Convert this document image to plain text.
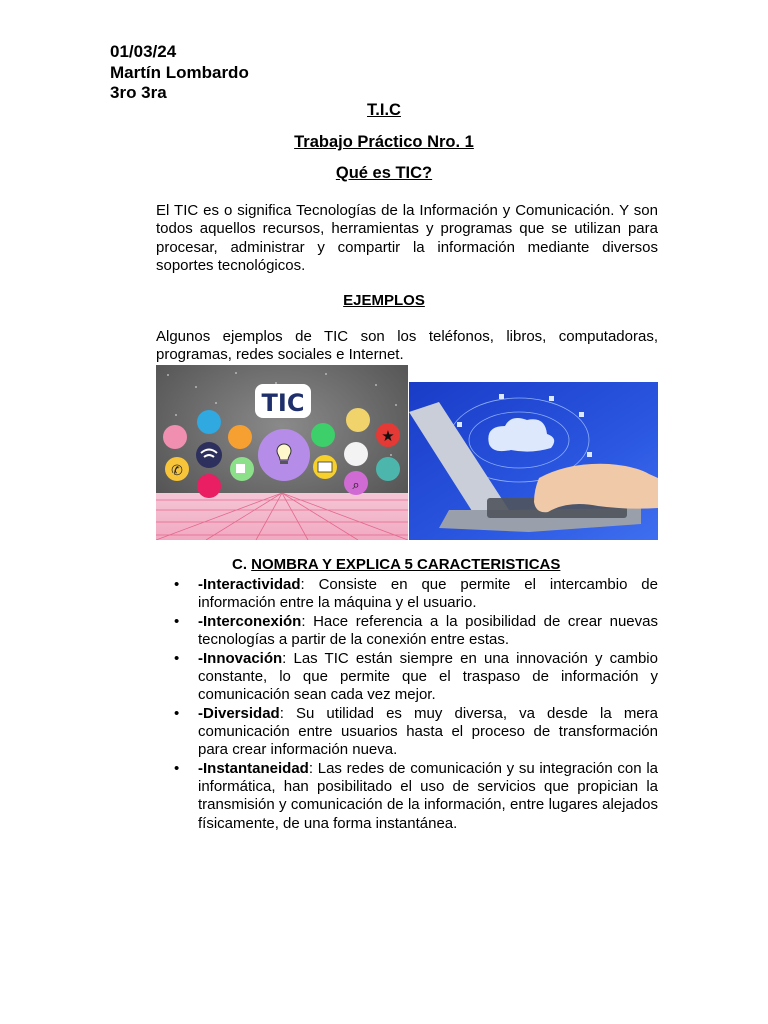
01/03/24
Martín Lombardo
3ro 3ra
T.I.C
Trabajo Práctico Nro. 1
Qué es TIC?
El TIC es o significa Tecnologías de la Información y Comunicación. Y son todos aquellos recursos, herramientas y programas que se utilizan para procesar, administrar y compartir la información mediante diversos soportes tecnológicos.
EJEMPLOS
Algunos ejemplos de TIC son los teléfonos, libros, computadoras, programas, redes sociales e Internet.
TIC
★
✆
⌕
C. NOMBRA Y EXPLICA 5 CARACTERISTICAS
• -Interactividad: Consiste en que permite el intercambio de información entre la máquina y el usuario.
• -Interconexión: Hace referencia a la posibilidad de crear nuevas tecnologías a partir de la conexión entre estas.
• -Innovación: Las TIC están siempre en una innovación y cambio constante, lo que permite que el traspaso de información y comunicación sean cada vez mejor.
• -Diversidad: Su utilidad es muy diversa, va desde la mera comunicación entre usuarios hasta el proceso de transformación para crear información nueva.
• -Instantaneidad: Las redes de comunicación y su integración con la informática, han posibilitado el uso de servicios que propician la transmisión y comunicación de la información, entre lugares alejados físicamente, de una forma instantánea.
